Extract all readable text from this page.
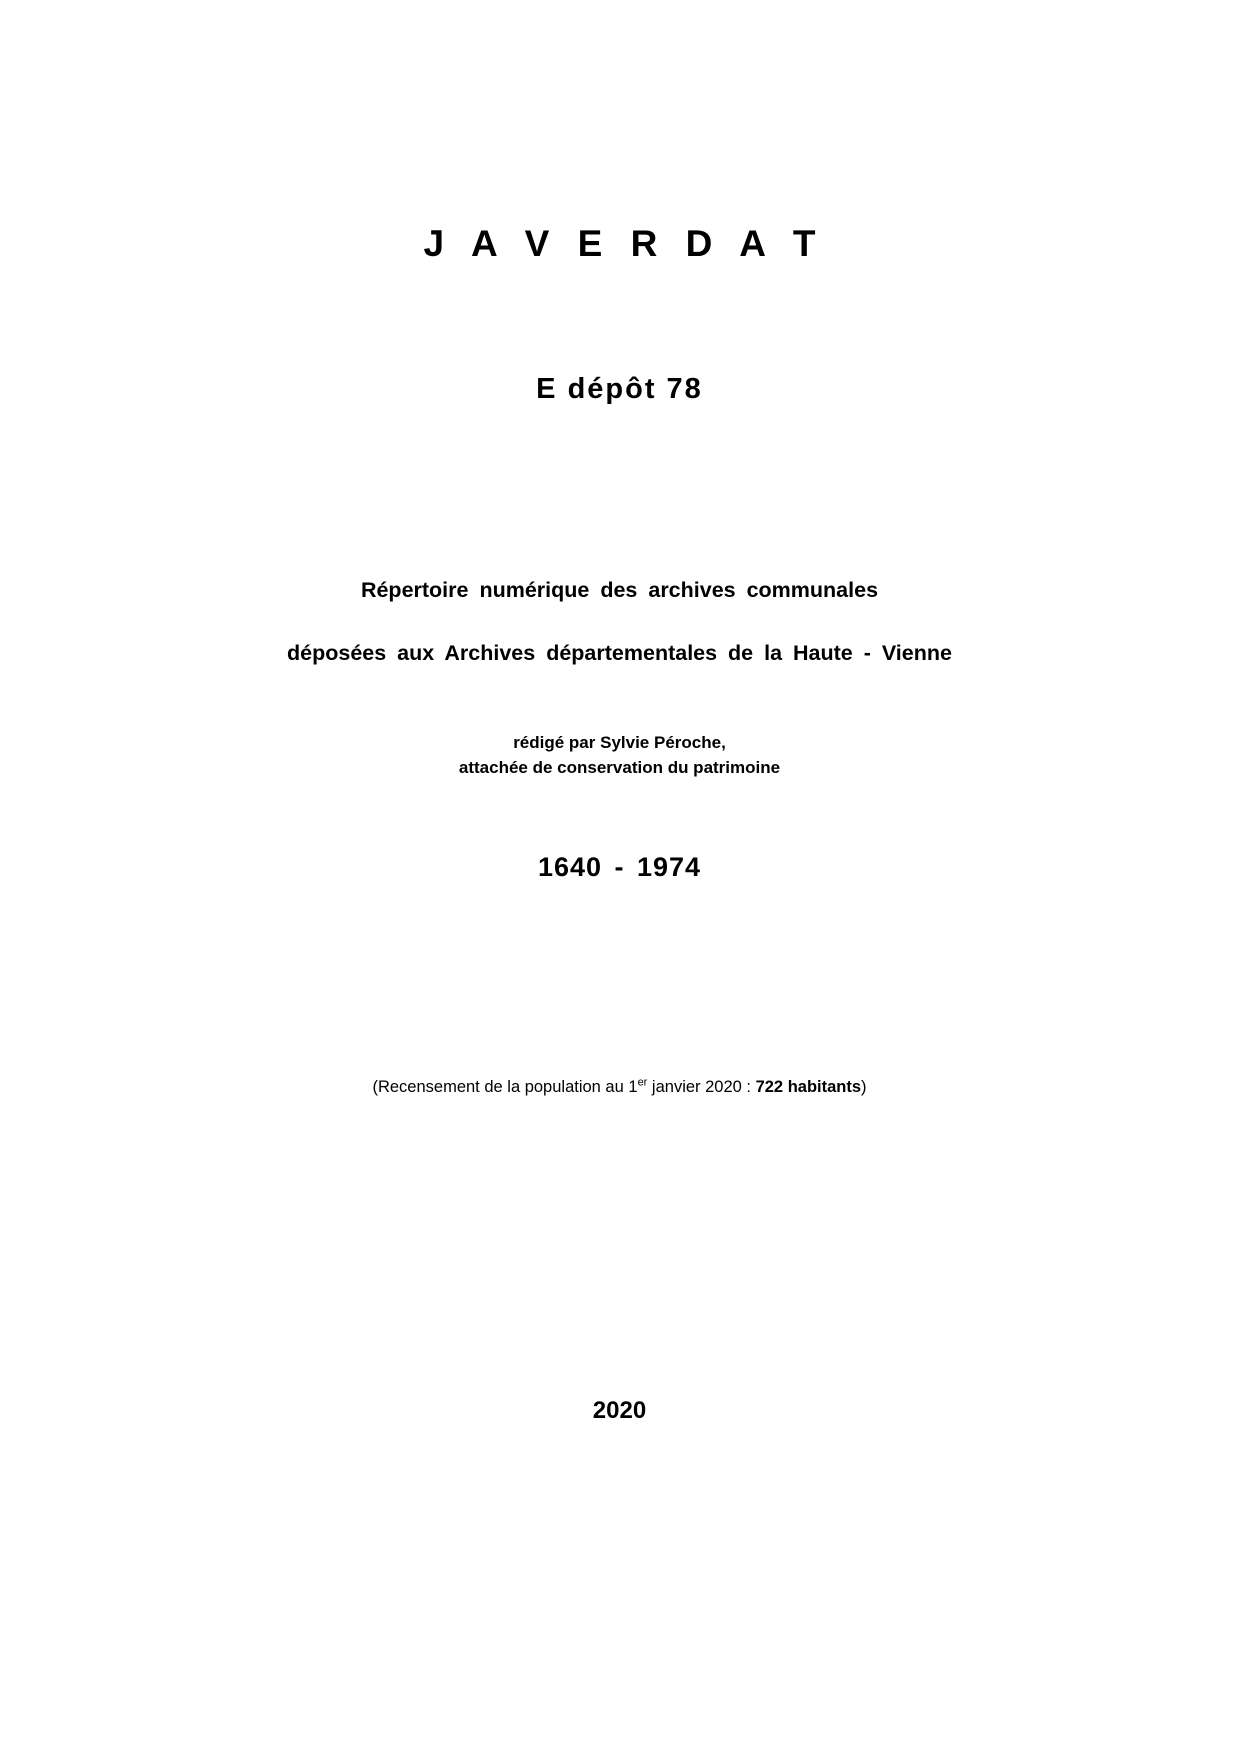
J A V E R D A T
E dépôt 78
Répertoire numérique des archives communales
déposées aux Archives départementales de la Haute - Vienne
rédigé par Sylvie Péroche,
attachée de conservation du patrimoine
1640 - 1974
(Recensement de la population au 1er janvier 2020 : 722 habitants)
2020
